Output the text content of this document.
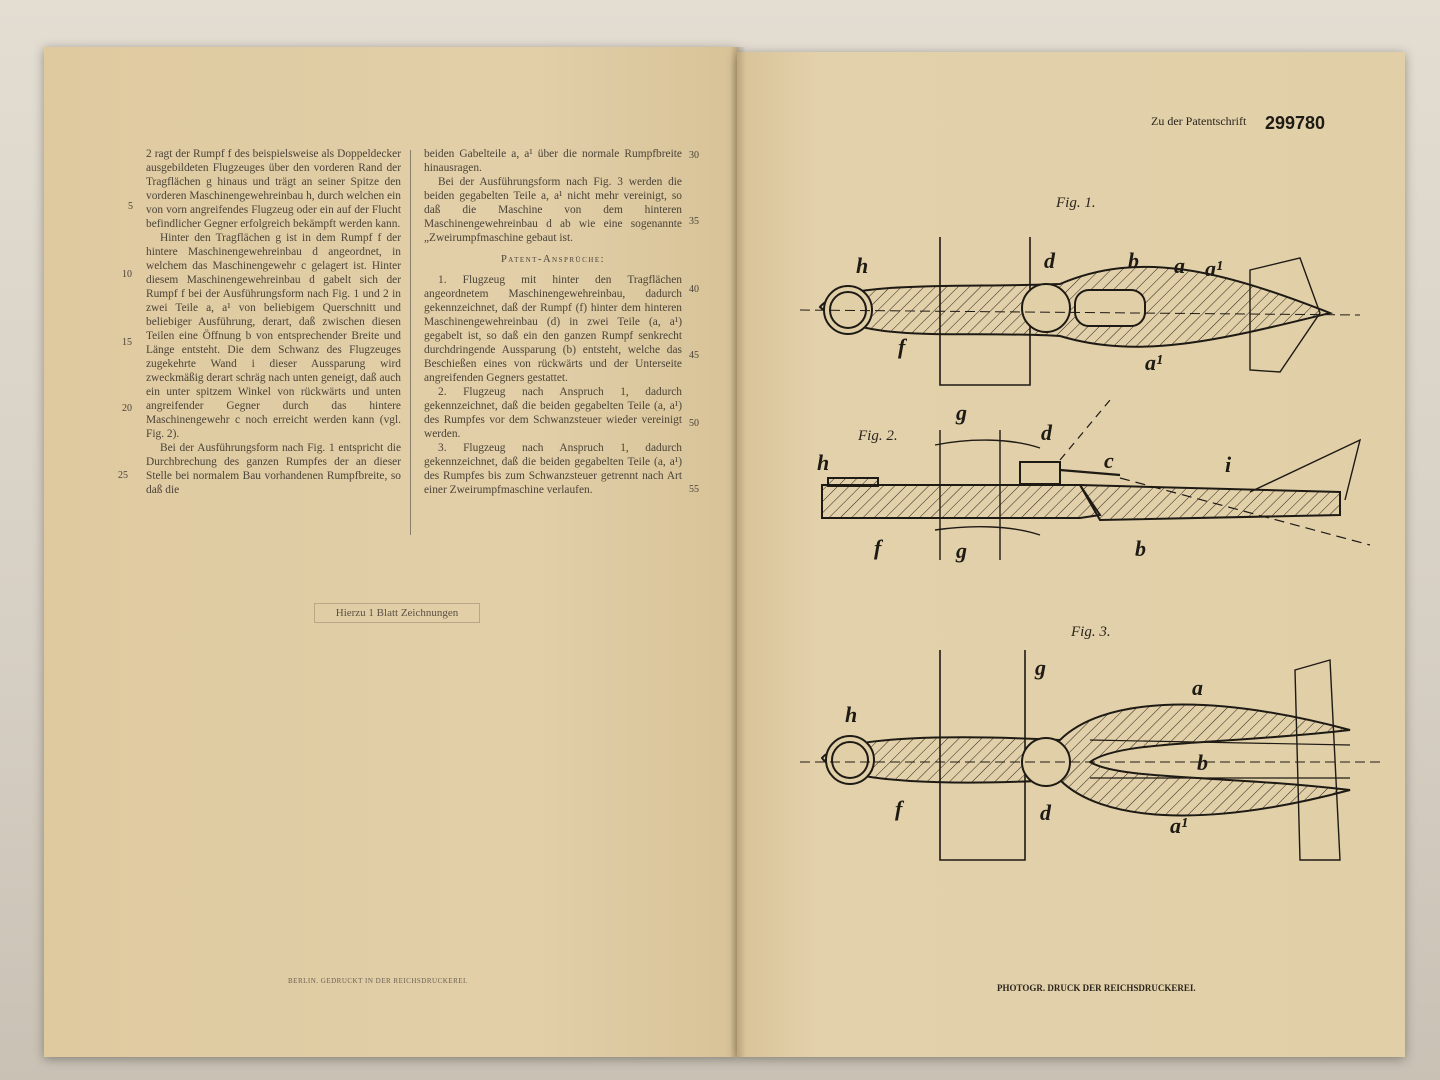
2 ragt der Rumpf f des beispielsweise als Doppeldecker ausgebildeten Flugzeuges über den vorderen Rand der Tragflächen g hinaus und trägt an seiner Spitze den vorderen Maschinengewehreinbau h, durch welchen ein von vorn angreifendes Flugzeug oder ein auf der Flucht befindlicher Gegner erfolgreich bekämpft werden kann.

Hinter den Tragflächen g ist in dem Rumpf f der hintere Maschinengewehreinbau d angeordnet, in welchem das Maschinengewehr c gelagert ist. Hinter diesem Maschinengewehreinbau d gabelt sich der Rumpf f bei der Ausführungsform nach Fig. 1 und 2 in zwei Teile a, a¹ von beliebigem Querschnitt und beliebiger Ausführung, derart, daß zwischen diesen Teilen eine Öffnung b von entsprechender Breite und Länge entsteht. Die dem Schwanz des Flugzeuges zugekehrte Wand i dieser Aussparung wird zweckmäßig derart schräg nach unten geneigt, daß auch ein unter spitzem Winkel von rückwärts und unten angreifender Gegner durch das hintere Maschinengewehr c noch erreicht werden kann (vgl. Fig. 2).

Bei der Ausführungsform nach Fig. 1 entspricht die Durchbrechung des ganzen Rumpfes der an dieser Stelle bei normalem Bau vorhandenen Rumpfbreite, so daß die

beiden Gabelteile a, a¹ über die normale Rumpfbreite hinausragen.

Bei der Ausführungsform nach Fig. 3 werden die beiden gegabelten Teile a, a¹ nicht mehr vereinigt, so daß die Maschine von dem hinteren Maschinengewehreinbau d ab wie eine sogenannte „Zweirumpfmaschine gebaut ist.

Patent-Ansprüche:

1. Flugzeug mit hinter den Tragflächen angeordnetem Maschinengewehreinbau, dadurch gekennzeichnet, daß der Rumpf (f) hinter dem hinteren Maschinengewehreinbau (d) in zwei Teile (a, a¹) gegabelt ist, so daß ein den ganzen Rumpf senkrecht durchdringende Aussparung (b) entsteht, welche das Beschießen eines von rückwärts und der Unterseite angreifenden Gegners gestattet.

2. Flugzeug nach Anspruch 1, dadurch gekennzeichnet, daß die beiden gegabelten Teile (a, a¹) des Rumpfes vor dem Schwanzsteuer wieder vereinigt werden.

3. Flugzeug nach Anspruch 1, dadurch gekennzeichnet, daß die beiden gegabelten Teile (a, a¹) des Rumpfes bis zum Schwanzsteuer getrennt nach Art einer Zweirumpfmaschine verlaufen.

5
10
15
20
25
30
35
40
45
50
55
Hierzu 1 Blatt Zeichnungen
BERLIN. GEDRUCKT IN DER REICHSDRUCKEREI.
Zu der Patentschrift 299780
Fig. 1.
Fig. 2.
Fig. 3.
h	d	b a a¹
f
a¹
g
h
d
c	i
f	g	b
g
a
h
b
f	d
a¹
PHOTOGR. DRUCK DER REICHSDRUCKEREI.
